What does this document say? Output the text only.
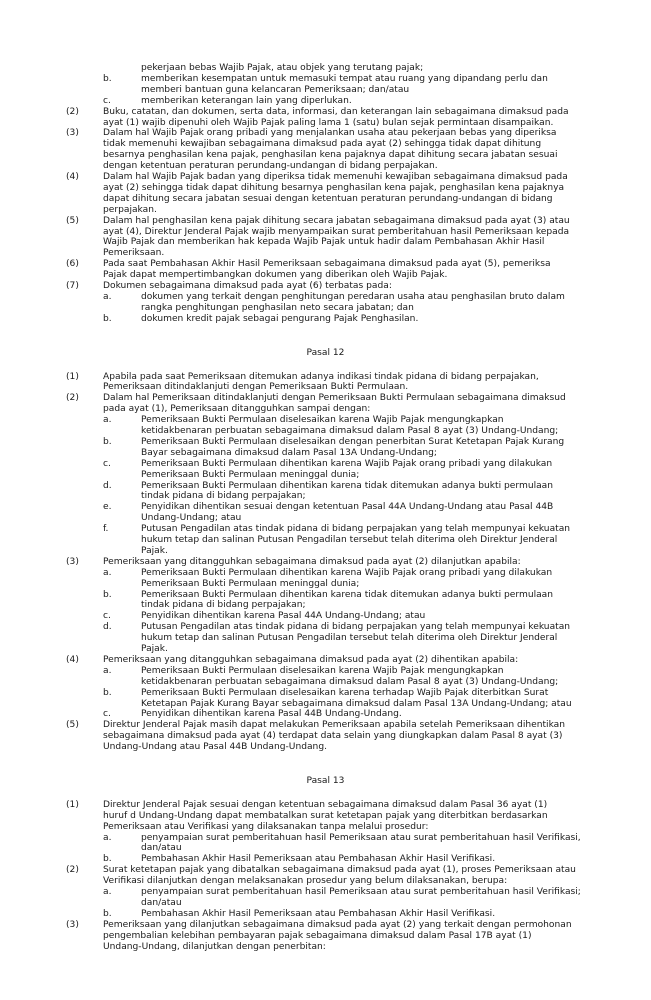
pekerjaan bebas Wajib Pajak, atau objek yang terutang pajak;
b.	memberikan kesempatan untuk memasuki tempat atau ruang yang dipandang perlu dan
memberi bantuan guna kelancaran Pemeriksaan; dan/atau
c.	memberikan keterangan lain yang diperlukan.
(2)	Buku, catatan, dan dokumen, serta data, informasi, dan keterangan lain sebagaimana dimaksud pada
ayat (1) wajib dipenuhi oleh Wajib Pajak paling lama 1 (satu) bulan sejak permintaan disampaikan.
(3)	Dalam hal Wajib Pajak orang pribadi yang menjalankan usaha atau pekerjaan bebas yang diperiksa
tidak memenuhi kewajiban sebagaimana dimaksud pada ayat (2) sehingga tidak dapat dihitung
besarnya penghasilan kena pajak, penghasilan kena pajaknya dapat dihitung secara jabatan sesuai
dengan ketentuan peraturan perundang-undangan di bidang perpajakan.
(4)	Dalam hal Wajib Pajak badan yang diperiksa tidak memenuhi kewajiban sebagaimana dimaksud pada
ayat (2) sehingga tidak dapat dihitung besarnya penghasilan kena pajak, penghasilan kena pajaknya
dapat dihitung secara jabatan sesuai dengan ketentuan peraturan perundang-undangan di bidang
perpajakan.
(5)	Dalam hal penghasilan kena pajak dihitung secara jabatan sebagaimana dimaksud pada ayat (3) atau
ayat (4), Direktur Jenderal Pajak wajib menyampaikan surat pemberitahuan hasil Pemeriksaan kepada
Wajib Pajak dan memberikan hak kepada Wajib Pajak untuk hadir dalam Pembahasan Akhir Hasil
Pemeriksaan.
(6)	Pada saat Pembahasan Akhir Hasil Pemeriksaan sebagaimana dimaksud pada ayat (5), pemeriksa
Pajak dapat mempertimbangkan dokumen yang diberikan oleh Wajib Pajak.
(7)	Dokumen sebagaimana dimaksud pada ayat (6) terbatas pada:
a.	dokumen yang terkait dengan penghitungan peredaran usaha atau penghasilan bruto dalam
rangka penghitungan penghasilan neto secara jabatan; dan
b.	dokumen kredit pajak sebagai pengurang Pajak Penghasilan.
Pasal 12
(1)	Apabila pada saat Pemeriksaan ditemukan adanya indikasi tindak pidana di bidang perpajakan,
Pemeriksaan ditindaklanjuti dengan Pemeriksaan Bukti Permulaan.
(2)	Dalam hal Pemeriksaan ditindaklanjuti dengan Pemeriksaan Bukti Permulaan sebagaimana dimaksud
pada ayat (1), Pemeriksaan ditangguhkan sampai dengan:
a.	Pemeriksaan Bukti Permulaan diselesaikan karena Wajib Pajak mengungkapkan
ketidakbenaran perbuatan sebagaimana dimaksud dalam Pasal 8 ayat (3) Undang-Undang;
b.	Pemeriksaan Bukti Permulaan diselesaikan dengan penerbitan Surat Ketetapan Pajak Kurang
Bayar sebagaimana dimaksud dalam Pasal 13A Undang-Undang;
c.	Pemeriksaan Bukti Permulaan dihentikan karena Wajib Pajak orang pribadi yang dilakukan
Pemeriksaan Bukti Permulaan meninggal dunia;
d.	Pemeriksaan Bukti Permulaan dihentikan karena tidak ditemukan adanya bukti permulaan
tindak pidana di bidang perpajakan;
e.	Penyidikan dihentikan sesuai dengan ketentuan Pasal 44A Undang-Undang atau Pasal 44B
Undang-Undang; atau
f.	Putusan Pengadilan atas tindak pidana di bidang perpajakan yang telah mempunyai kekuatan
hukum tetap dan salinan Putusan Pengadilan tersebut telah diterima oleh Direktur Jenderal
Pajak.
(3)	Pemeriksaan yang ditangguhkan sebagaimana dimaksud pada ayat (2) dilanjutkan apabila:
a.	Pemeriksaan Bukti Permulaan dihentikan karena Wajib Pajak orang pribadi yang dilakukan
Pemeriksaan Bukti Permulaan meninggal dunia;
b.	Pemeriksaan Bukti Permulaan dihentikan karena tidak ditemukan adanya bukti permulaan
tindak pidana di bidang perpajakan;
c.	Penyidikan dihentikan karena Pasal 44A Undang-Undang; atau
d.	Putusan Pengadilan atas tindak pidana di bidang perpajakan yang telah mempunyai kekuatan
hukum tetap dan salinan Putusan Pengadilan tersebut telah diterima oleh Direktur Jenderal
Pajak.
(4)	Pemeriksaan yang ditangguhkan sebagaimana dimaksud pada ayat (2) dihentikan apabila:
a.	Pemeriksaan Bukti Permulaan diselesaikan karena Wajib Pajak mengungkapkan
ketidakbenaran perbuatan sebagaimana dimaksud dalam Pasal 8 ayat (3) Undang-Undang;
b.	Pemeriksaan Bukti Permulaan diselesaikan karena terhadap Wajib Pajak diterbitkan Surat
Ketetapan Pajak Kurang Bayar sebagaimana dimaksud dalam Pasal 13A Undang-Undang; atau
c.	Penyidikan dihentikan karena Pasal 44B Undang-Undang.
(5)	Direktur Jenderal Pajak masih dapat melakukan Pemeriksaan apabila setelah Pemeriksaan dihentikan
sebagaimana dimaksud pada ayat (4) terdapat data selain yang diungkapkan dalam Pasal 8 ayat (3)
Undang-Undang atau Pasal 44B Undang-Undang.
Pasal 13
(1)	Direktur Jenderal Pajak sesuai dengan ketentuan sebagaimana dimaksud dalam Pasal 36 ayat (1)
huruf d Undang-Undang dapat membatalkan surat ketetapan pajak yang diterbitkan berdasarkan
Pemeriksaan atau Verifikasi yang dilaksanakan tanpa melalui prosedur:
a.	penyampaian surat pemberitahuan hasil Pemeriksaan atau surat pemberitahuan hasil Verifikasi,
dan/atau
b.	Pembahasan Akhir Hasil Pemeriksaan atau Pembahasan Akhir Hasil Verifikasi.
(2)	Surat ketetapan pajak yang dibatalkan sebagaimana dimaksud pada ayat (1), proses Pemeriksaan atau
Verifikasi dilanjutkan dengan melaksanakan prosedur yang belum dilaksanakan, berupa:
a.	penyampaian surat pemberitahuan hasil Pemeriksaan atau surat pemberitahuan hasil Verifikasi;
dan/atau
b.	Pembahasan Akhir Hasil Pemeriksaan atau Pembahasan Akhir Hasil Verifikasi.
(3)	Pemeriksaan yang dilanjutkan sebagaimana dimaksud pada ayat (2) yang terkait dengan permohonan
pengembalian kelebihan pembayaran pajak sebagaimana dimaksud dalam Pasal 17B ayat (1)
Undang-Undang, dilanjutkan dengan penerbitan:
